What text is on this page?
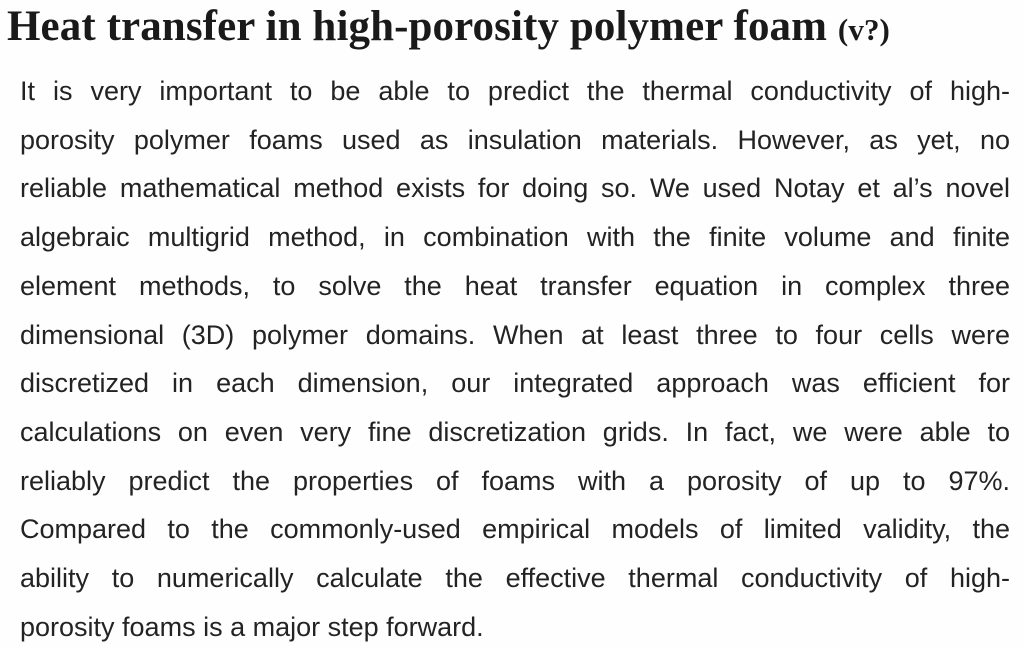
Heat transfer in high-porosity polymer foam (v?)
It is very important to be able to predict the thermal conductivity of high-
porosity polymer foams used as insulation materials. However, as yet, no
reliable mathematical method exists for doing so. We used Notay et al’s novel
algebraic multigrid method, in combination with the finite volume and finite
element methods, to solve the heat transfer equation in complex three
dimensional (3D) polymer domains. When at least three to four cells were
discretized in each dimension, our integrated approach was efficient for
calculations on even very fine discretization grids. In fact, we were able to
reliably predict the properties of foams with a porosity of up to 97%.
Compared to the commonly-used empirical models of limited validity, the
ability to numerically calculate the effective thermal conductivity of high-
porosity foams is a major step forward.
